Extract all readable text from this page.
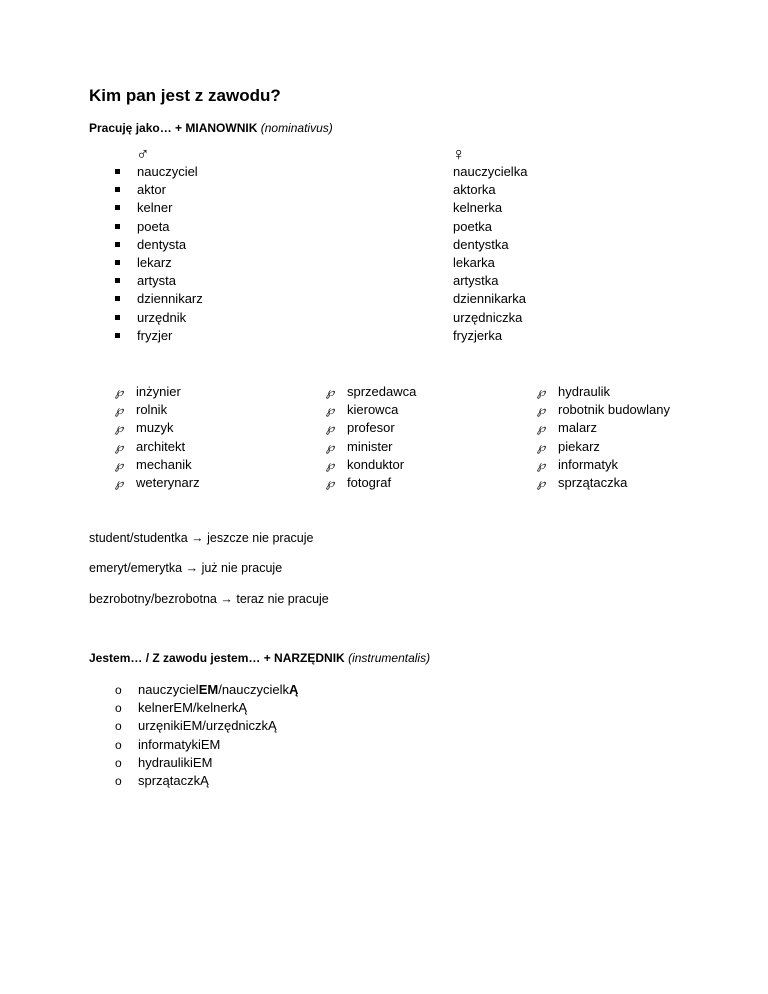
Kim pan jest z zawodu?
Pracuję jako… + MIANOWNIK (nominativus)
♂	♀
nauczyciel
aktor
kelner
poeta
dentysta
lekarz
artysta
dziennikarz
urzędnik
fryzjer
nauczycielka
aktorka
kelnerka
poetka
dentystka
lekarka
artystka
dziennikarka
urzędniczka
fryzjerka
℘ inżynier
℘ rolnik
℘ muzyk
℘ architekt
℘ mechanik
℘ weterynarz
℘ sprzedawca
℘ kierowca
℘ profesor
℘ minister
℘ konduktor
℘ fotograf
℘ hydraulik
℘ robotnik budowlany
℘ malarz
℘ piekarz
℘ informatyk
℘ sprzątaczka
student/studentka → jeszcze nie pracuje
emeryt/emerytka → już nie pracuje
bezrobotny/bezrobotna → teraz nie pracuje
Jestem… / Z zawodu jestem… + NARZĘDNIK (instrumentalis)
o nauczycielEM/nauczycielkĄ
o kelnerEM/kelnerkĄ
o urzęnikiEM/urzędniczkĄ
o informatykiEM
o hydraulikiEM
o sprzątaczkĄ
